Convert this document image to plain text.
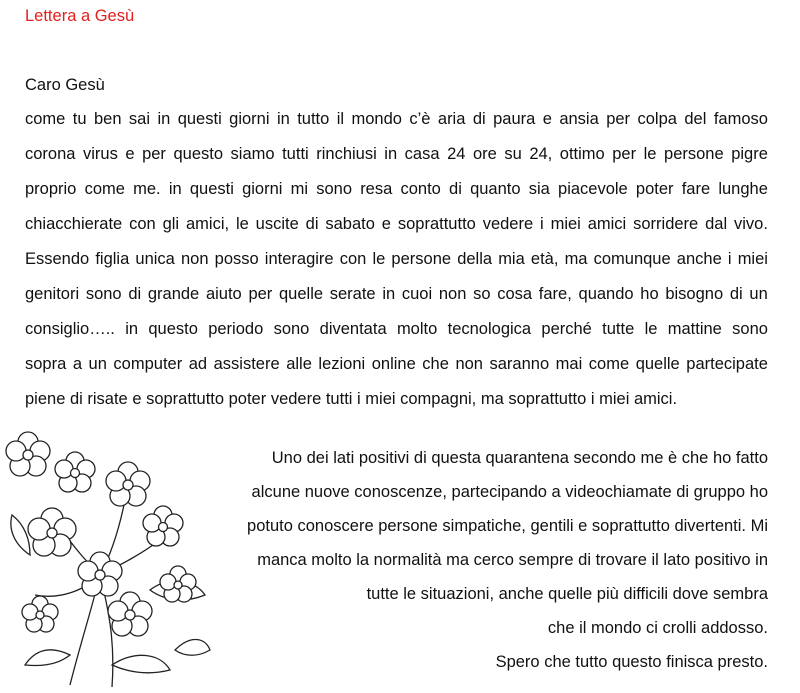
Lettera a Gesù
Caro Gesù
come tu ben sai in questi giorni in tutto il mondo c’è aria di paura e ansia per colpa del famoso
corona virus e per questo siamo tutti rinchiusi in casa 24 ore su 24, ottimo per le persone pigre
proprio come me. in questi giorni mi sono resa conto di quanto sia piacevole poter fare lunghe
chiacchierate con gli amici, le uscite di sabato e soprattutto vedere i miei amici sorridere dal vivo.
Essendo figlia unica non posso interagire con le persone della mia età, ma comunque anche i miei
genitori sono di grande aiuto per quelle serate in cuoi non so cosa fare, quando ho bisogno di un
consiglio….. in questo periodo sono diventata molto tecnologica perché tutte le mattine sono
sopra a un computer ad assistere alle lezioni online che non saranno mai come quelle partecipate
piene di risate e soprattutto poter vedere tutti i miei compagni, ma soprattutto i miei amici.
Uno dei lati positivi di questa quarantena secondo me è che ho fatto
alcune nuove conoscenze, partecipando a videochiamate di gruppo ho
potuto conoscere persone simpatiche, gentili e soprattutto divertenti. Mi
manca molto la normalità ma cerco sempre di trovare il lato positivo in
tutte le situazioni, anche quelle più difficili dove sembra
che il mondo ci crolli addosso.
Spero che tutto questo finisca presto.
